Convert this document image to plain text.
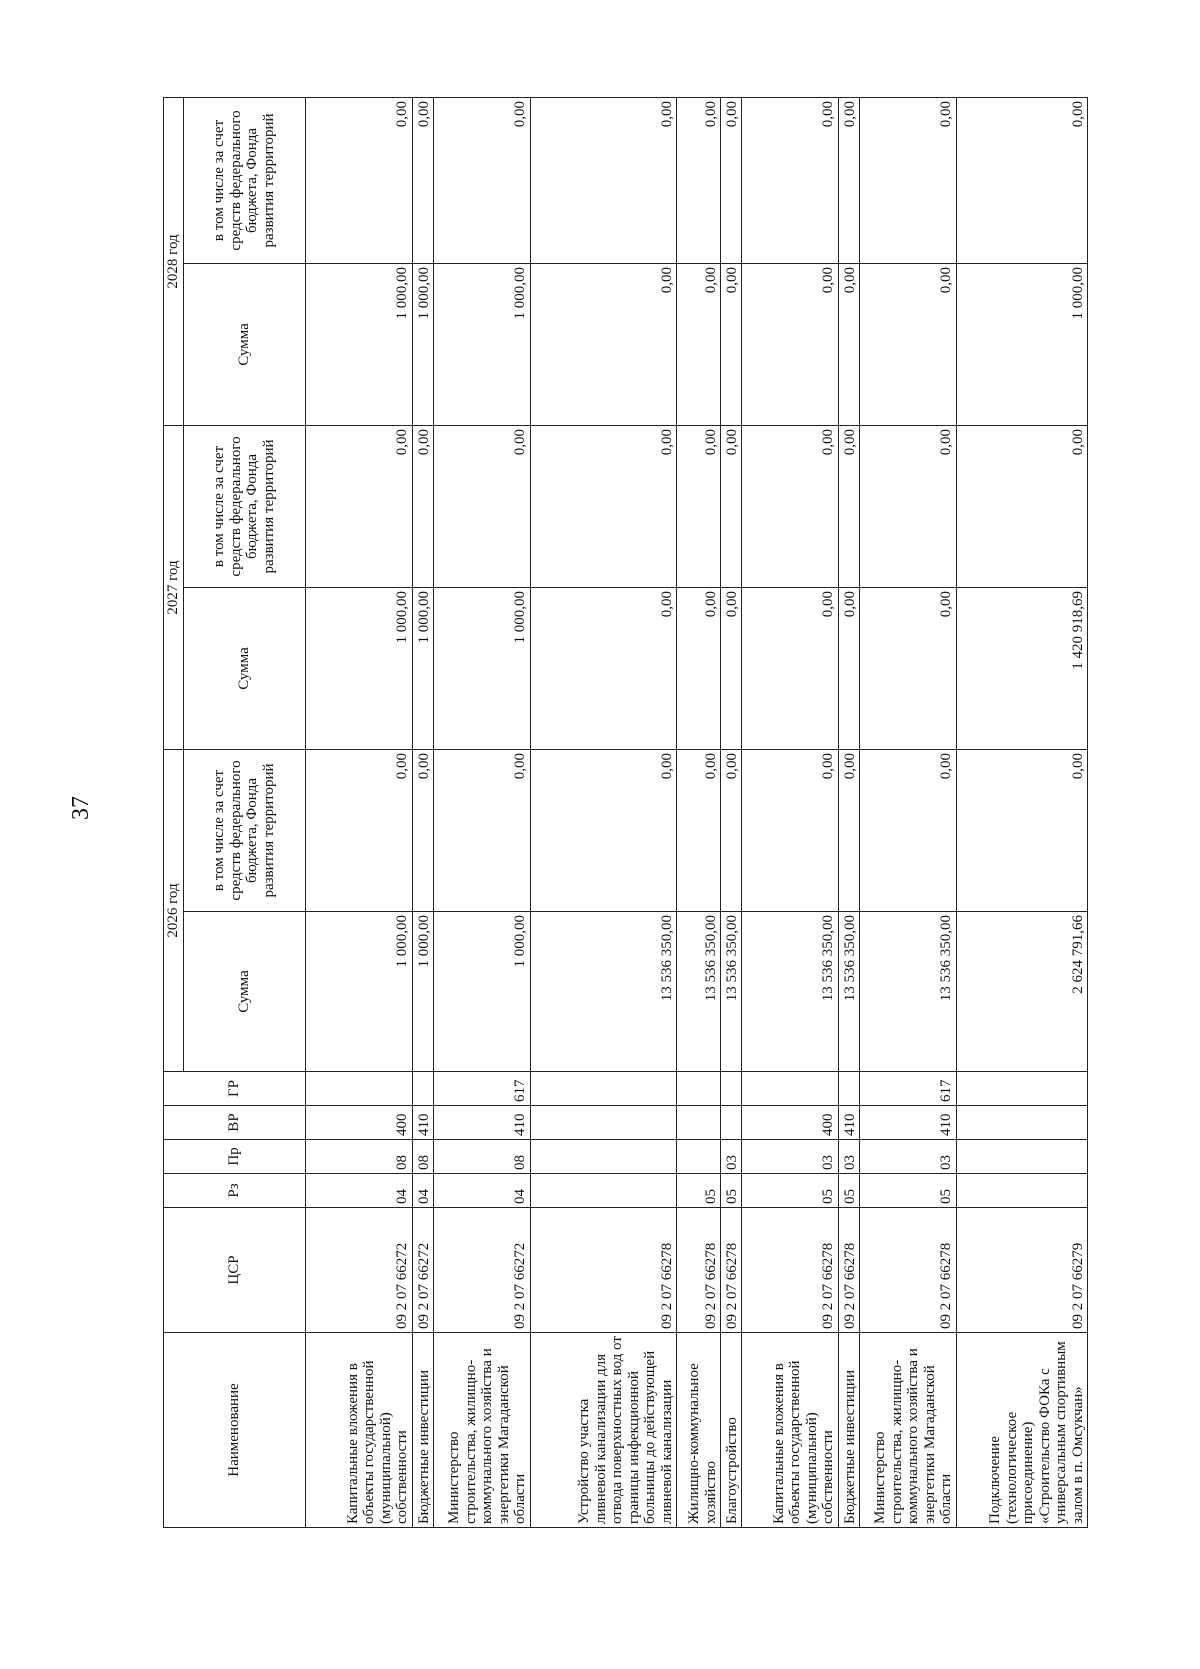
37
Наименование	ЦСР	Рз	Пр	ВР	ГР	2026 год		2027 год		2028 год	
						Сумма	в том числе за счет средств федерального бюджета, Фонда развития территорий	Сумма	в том числе за счет средств федерального бюджета, Фонда развития территорий	Сумма	в том числе за счет средств федерального бюджета, Фонда развития территорий
Капитальные вложения в объекты государственной (муниципальной) собственности	09 2 07 66272	04	08	400		1 000,00	0,00	1 000,00	0,00	1 000,00	0,00
Бюджетные инвестиции	09 2 07 66272	04	08	410		1 000,00	0,00	1 000,00	0,00	1 000,00	0,00
Министерство строительства, жилищно-коммунального хозяйства и энергетики Магаданской области	09 2 07 66272	04	08	410	617	1 000,00	0,00	1 000,00	0,00	1 000,00	0,00
Устройство участка ливневой канализации для отвода поверхностных вод от границы инфекционной больницы до действующей ливневой канализации	09 2 07 66278					13 536 350,00	0,00	0,00	0,00	0,00	0,00
Жилищно-коммунальное хозяйство	09 2 07 66278	05				13 536 350,00	0,00	0,00	0,00	0,00	0,00
Благоустройство	09 2 07 66278	05	03			13 536 350,00	0,00	0,00	0,00	0,00	0,00
Капитальные вложения в объекты государственной (муниципальной) собственности	09 2 07 66278	05	03	400		13 536 350,00	0,00	0,00	0,00	0,00	0,00
Бюджетные инвестиции	09 2 07 66278	05	03	410		13 536 350,00	0,00	0,00	0,00	0,00	0,00
Министерство строительства, жилищно-коммунального хозяйства и энергетики Магаданской области	09 2 07 66278	05	03	410	617	13 536 350,00	0,00	0,00	0,00	0,00	0,00
Подключение (технологическое присоединение) «Строительство ФОКа с универсальным спортивным залом в п. Омсукчан»	09 2 07 66279					2 624 791,66	0,00	1 420 918,69	0,00	1 000,00	0,00
